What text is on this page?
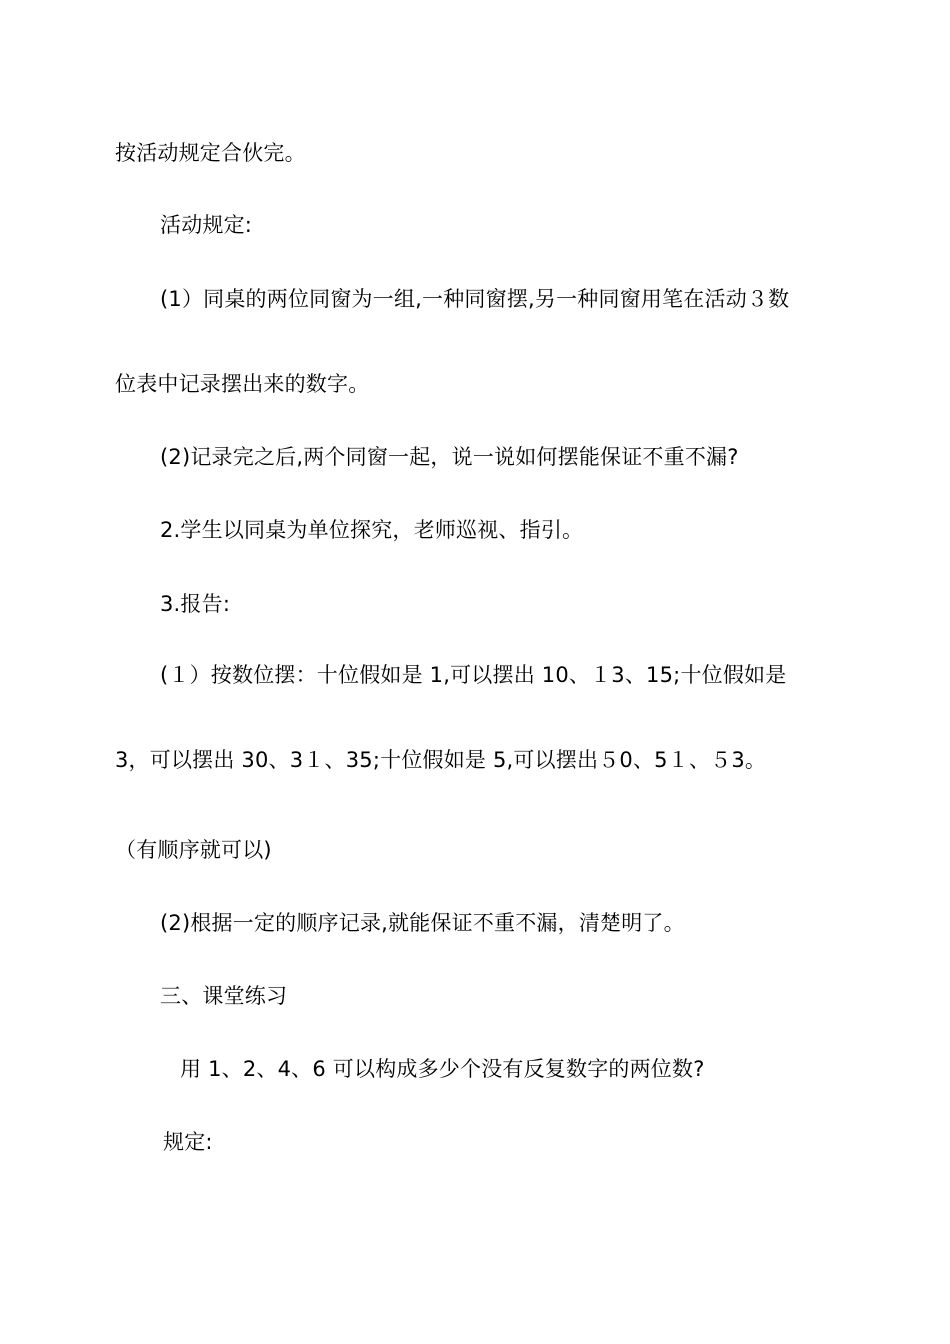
按活动规定合伙完。
活动规定:
(1）同桌的两位同窗为一组,一种同窗摆,另一种同窗用笔在活动３数
位表中记录摆出来的数字。
(2)记录完之后,两个同窗一起，说一说如何摆能保证不重不漏?
2.学生以同桌为单位探究，老师巡视、指引。
3.报告:
(１）按数位摆：十位假如是 1,可以摆出 10、１3、15;十位假如是
3，可以摆出 30、3１、35;十位假如是 5,可以摆出５0、5１、５3。
（有顺序就可以)
(2)根据一定的顺序记录,就能保证不重不漏，清楚明了。
三、课堂练习
用 1、2、4、6 可以构成多少个没有反复数字的两位数?
规定:
